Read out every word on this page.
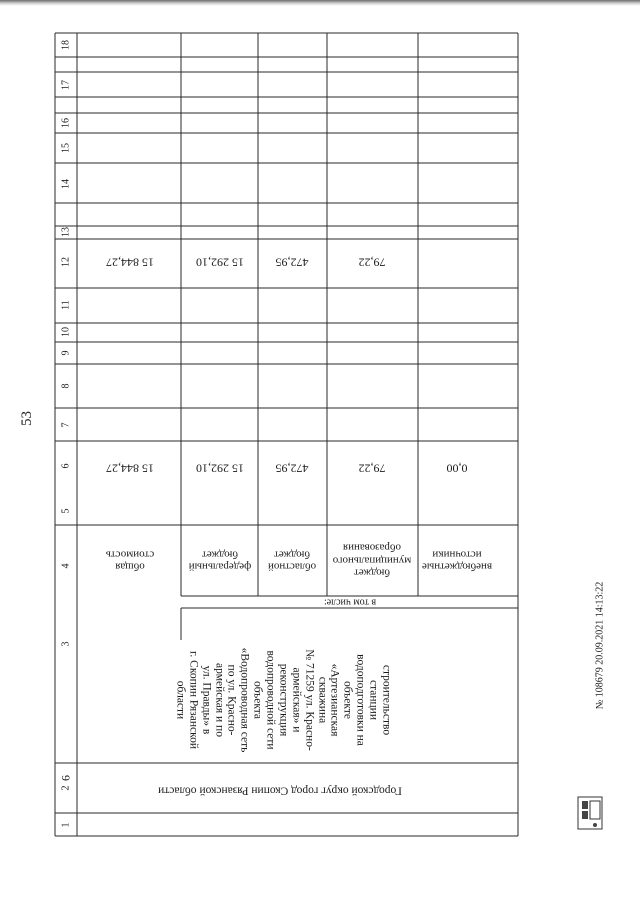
53
1
2
3
4
5
6
7
8
9
10
11
12
13
14
15
16
17
18
6
Городской округ город Скопин Рязанской области
строительство
станции
водоподготовки на
объекте
«Артезианская
скважина
№ 71259 ул. Красно-
армейская» и
реконструкция
водопроводной сети
объекта
«Водопроводная сеть
по ул. Красно-
армейская и по
ул. Правды» в
г. Скопин Рязанской
области
в том числе:
общая
стоимость
15 844,27
15 844,27
федеральный
бюджет
15 292,10
15 292,10
областной
бюджет
472,95
472,95
бюджет
муниципального
образования
79,22
79,22
внебюджетные
источники
0,00
№ 108679 20.09.2021 14:13:22
